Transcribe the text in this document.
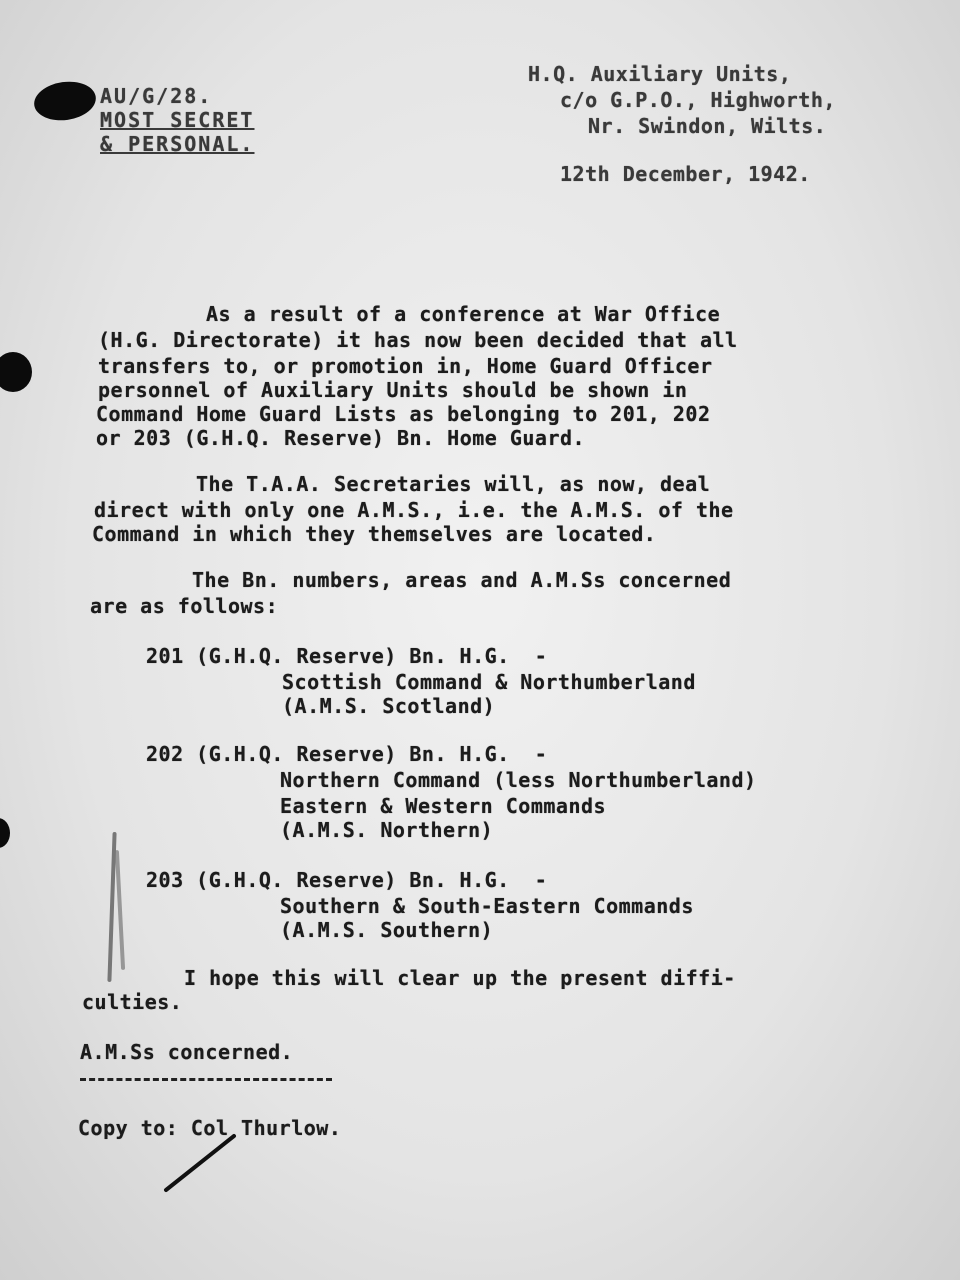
AU/G/28.

MOST SECRET

& PERSONAL.

H.Q. Auxiliary Units,

c/o G.P.O., Highworth,

Nr. Swindon, Wilts.

12th December, 1942.

As a result of a conference at War Office

(H.G. Directorate) it has now been decided that all

transfers to, or promotion in, Home Guard Officer

personnel of Auxiliary Units should be shown in

Command Home Guard Lists as belonging to 201, 202

or 203 (G.H.Q. Reserve) Bn. Home Guard.

The T.A.A. Secretaries will, as now, deal

direct with only one A.M.S., i.e. the A.M.S. of the

Command in which they themselves are located.

The Bn. numbers, areas and A.M.Ss concerned

are as follows:

201 (G.H.Q. Reserve) Bn. H.G.  -

Scottish Command & Northumberland

(A.M.S. Scotland)

202 (G.H.Q. Reserve) Bn. H.G.  -

Northern Command (less Northumberland)

Eastern & Western Commands

(A.M.S. Northern)

203 (G.H.Q. Reserve) Bn. H.G.  -

Southern & South-Eastern Commands

(A.M.S. Southern)

I hope this will clear up the present diffi-

culties.

A.M.Ss concerned.

Copy to: Col Thurlow.
